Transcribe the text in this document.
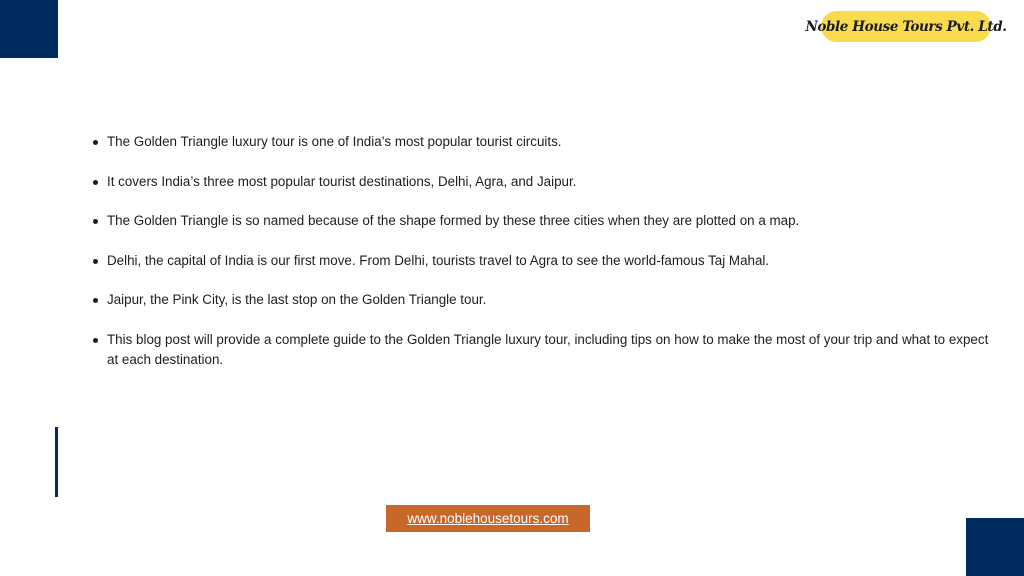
Noble House Tours Pvt. Ltd.
The Golden Triangle luxury tour is one of India’s most popular tourist circuits.
It covers India’s three most popular tourist destinations, Delhi, Agra, and Jaipur.
The Golden Triangle is so named because of the shape formed by these three cities when they are plotted on a map.
Delhi, the capital of India is our first move. From Delhi, tourists travel to Agra to see the world-famous Taj Mahal.
Jaipur, the Pink City, is the last stop on the Golden Triangle tour.
This blog post will provide a complete guide to the Golden Triangle luxury tour, including tips on how to make the most of your trip and what to expect at each destination.
www.noblehousetours.com
